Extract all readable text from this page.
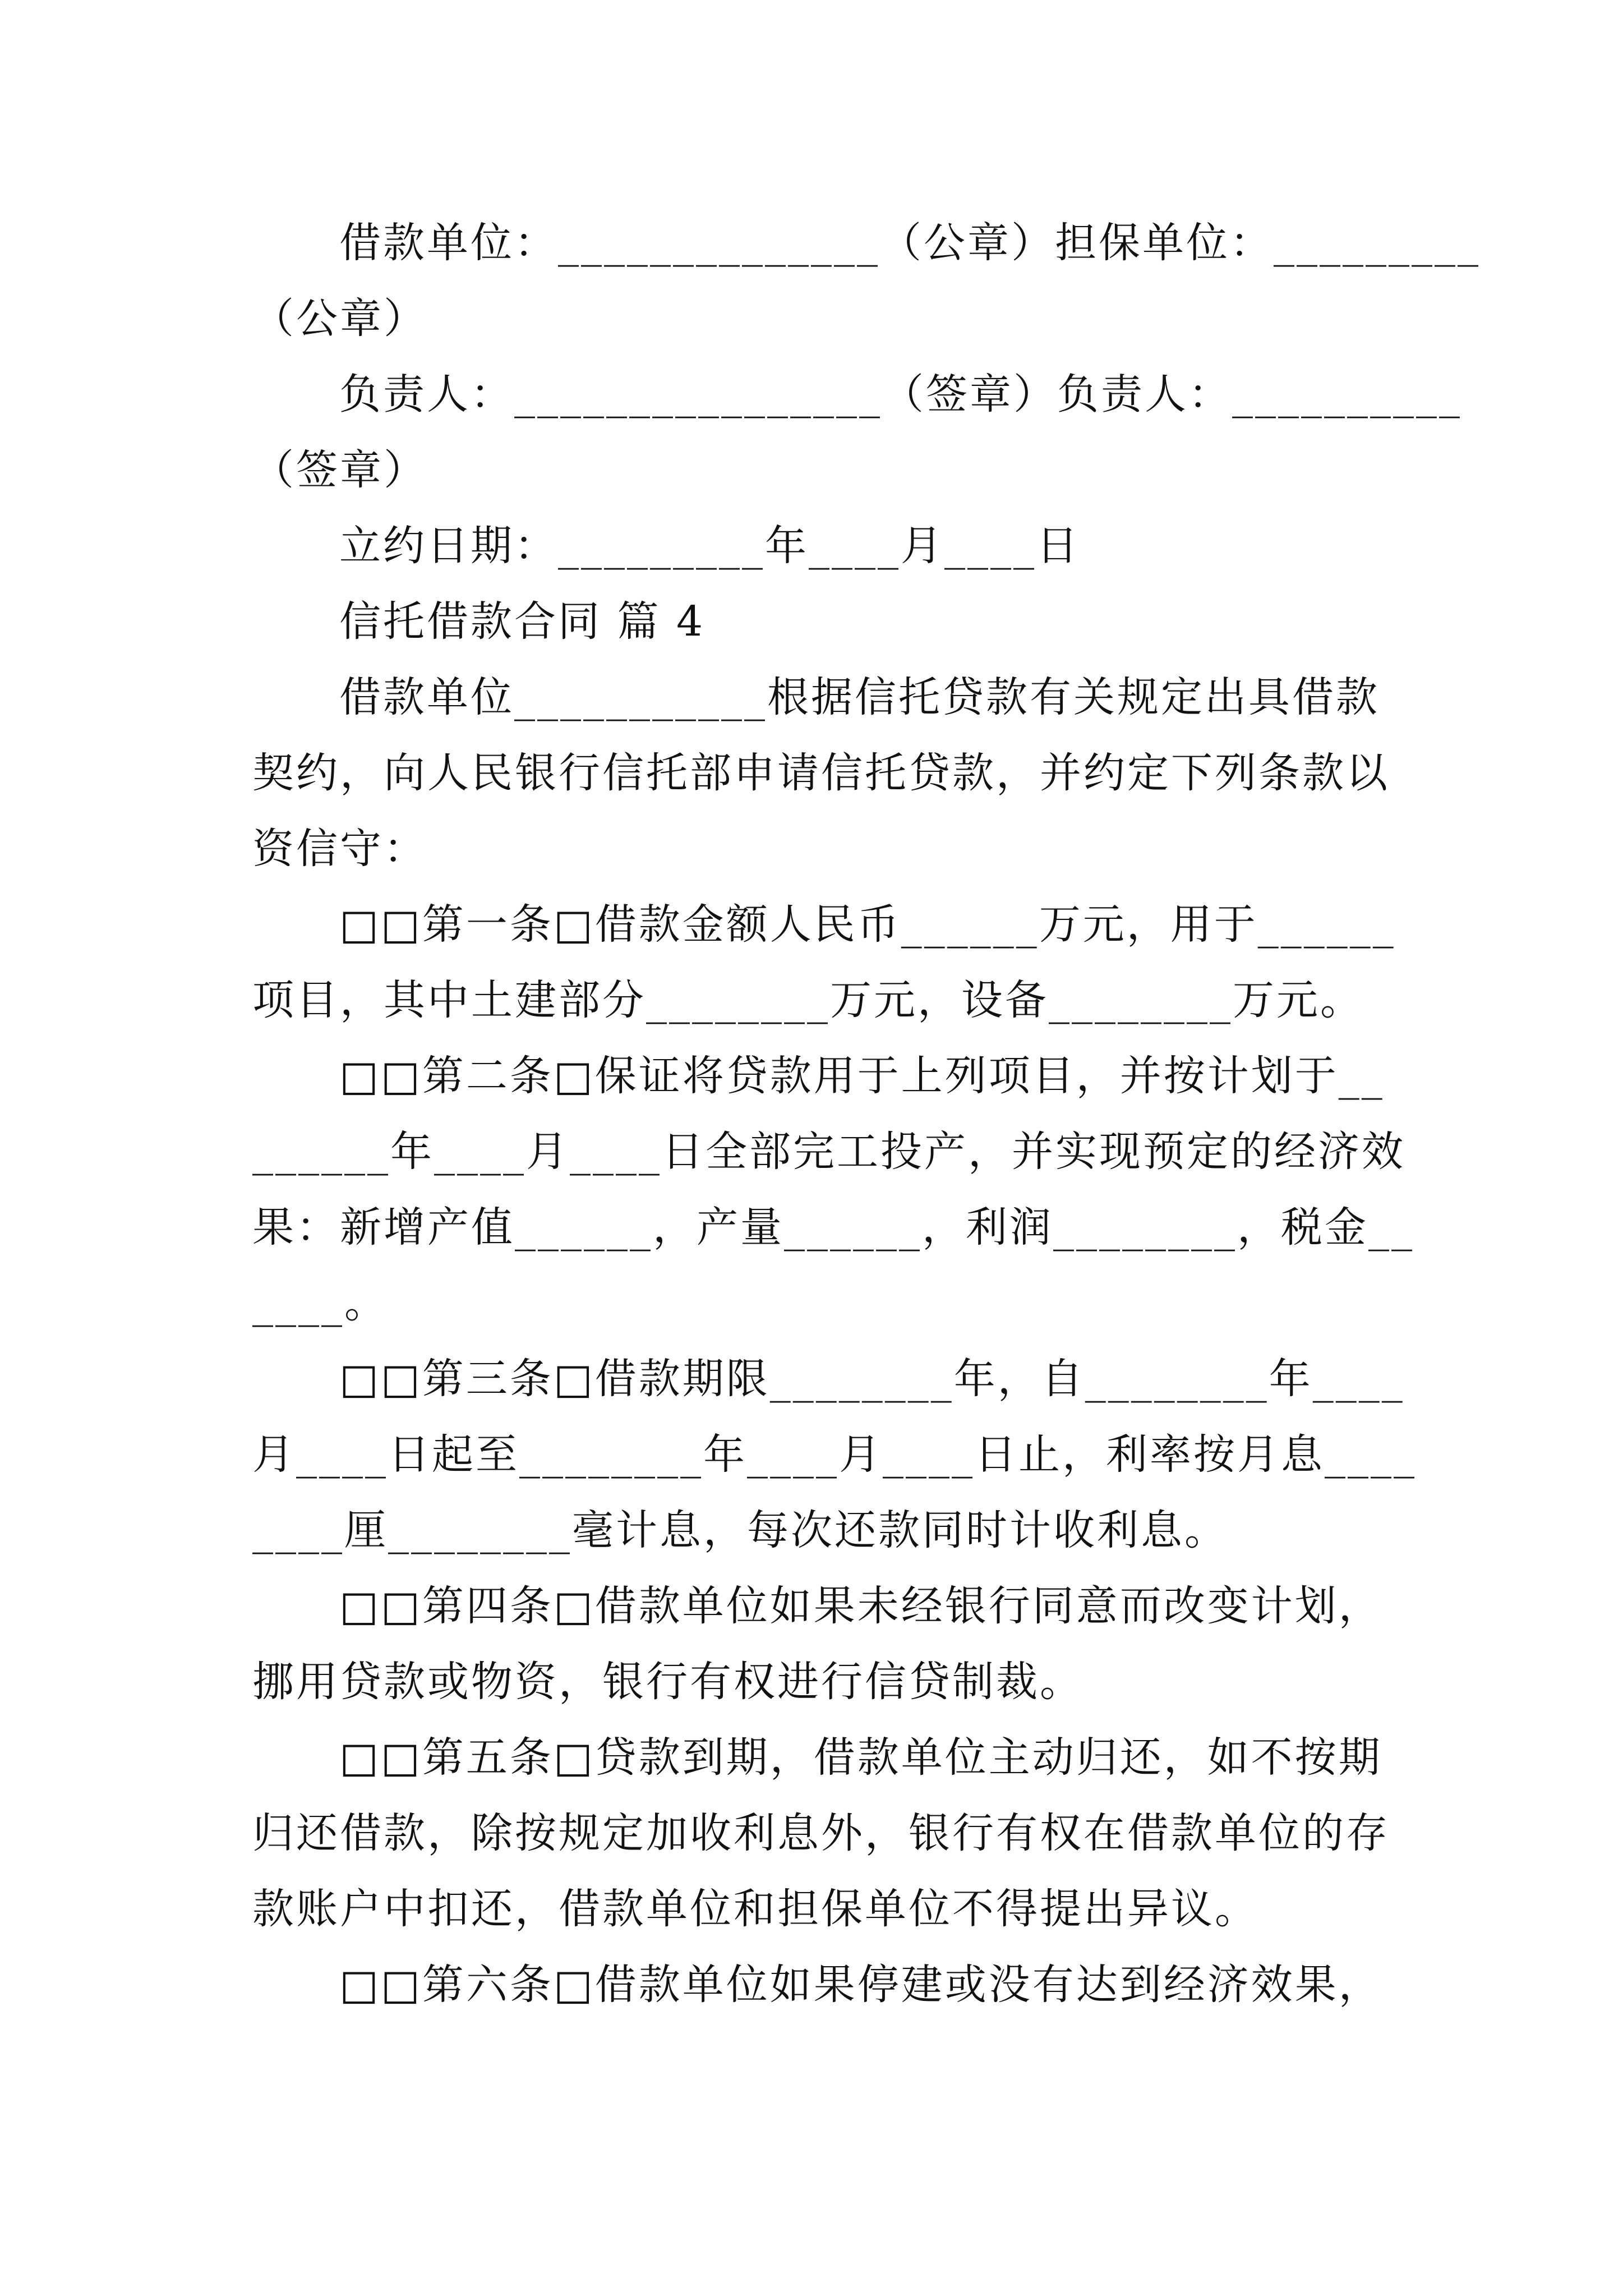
借款单位：______________（公章）担保单位：_________
（公章）
负责人：________________（签章）负责人：__________
（签章）
立约日期：_________年____月____日
信托借款合同 篇 4
借款单位___________根据信托贷款有关规定出具借款
契约，向人民银行信托部申请信托贷款，并约定下列条款以
资信守：
□□第一条□借款金额人民币______万元，用于______
项目，其中土建部分________万元，设备________万元。
□□第二条□保证将贷款用于上列项目，并按计划于__
______年____月____日全部完工投产，并实现预定的经济效
果：新增产值______，产量______，利润________，税金__
____。
□□第三条□借款期限________年，自________年____
月____日起至________年____月____日止，利率按月息____
____厘________毫计息，每次还款同时计收利息。
□□第四条□借款单位如果未经银行同意而改变计划，
挪用贷款或物资，银行有权进行信贷制裁。
□□第五条□贷款到期，借款单位主动归还，如不按期
归还借款，除按规定加收利息外，银行有权在借款单位的存
款账户中扣还，借款单位和担保单位不得提出异议。
□□第六条□借款单位如果停建或没有达到经济效果，
